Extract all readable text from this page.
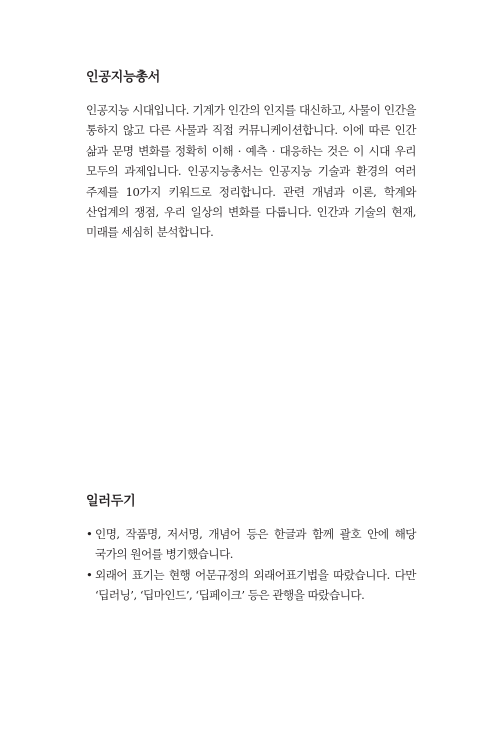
인공지능총서

인공지능 시대입니다. 기계가 인간의 인지를 대신하고, 사물이 인간을 통하지 않고 다른 사물과 직접 커뮤니케이션합니다. 이에 따른 인간 삶과 문명 변화를 정확히 이해 · 예측 · 대응하는 것은 이 시대 우리 모두의 과제입니다. 인공지능총서는 인공지능 기술과 환경의 여러 주제를 10가지 키워드로 정리합니다. 관련 개념과 이론, 학계와 산업계의 쟁점, 우리 일상의 변화를 다룹니다. 인간과 기술의 현재, 미래를 세심히 분석합니다.

일러두기
• 인명, 작품명, 저서명, 개념어 등은 한글과 함께 괄호 안에 해당 국가의 원어를 병기했습니다.
• 외래어 표기는 현행 어문규정의 외래어표기법을 따랐습니다. 다만 ‘딥러닝’, ‘딥마인드’, ‘딥페이크’ 등은 관행을 따랐습니다.
